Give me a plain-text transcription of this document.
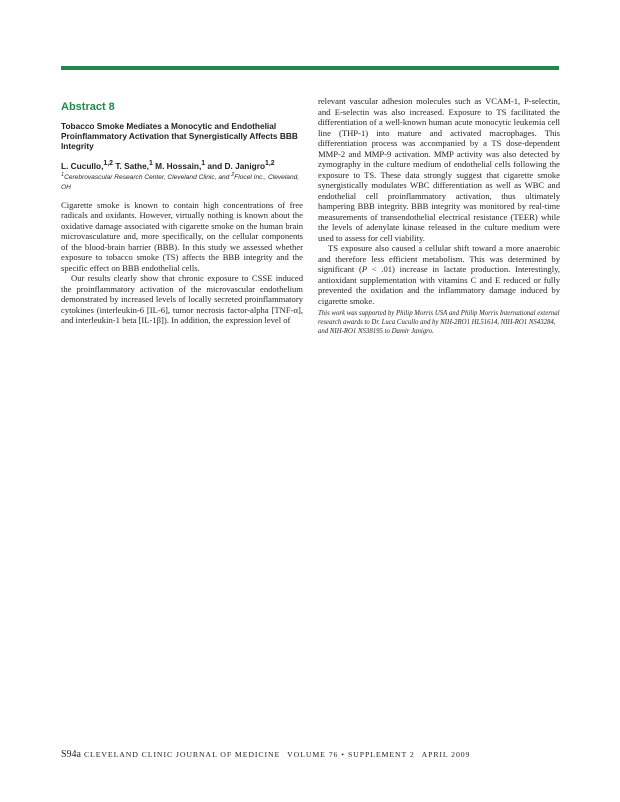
Abstract 8
Tobacco Smoke Mediates a Monocytic and Endothelial Proinflammatory Activation that Synergistically Affects BBB Integrity
L. Cucullo,$^{1,2}$ T. Sathe,$^1$ M. Hossain,$^1$ and D. Janigro$^{1,2}$
$^1$Cerebrovascular Research Center, Cleveland Clinic, and $^2$Flocel Inc., Cleveland, OH

Cigarette smoke is known to contain high concentrations of free radicals and oxidants. However, virtually nothing is known about the oxidative damage associated with cigarette smoke on the human brain microvasculature and, more specifically, on the cellular components of the blood-brain barrier (BBB). In this study we assessed whether exposure to tobacco smoke (TS) affects the BBB integrity and the specific effect on BBB endothelial cells.

Our results clearly show that chronic exposure to CSSE induced the proinflammatory activation of the microvascular endothelium demonstrated by increased levels of locally secreted proinflammatory cytokines (interleukin-6 [IL-6], tumor necrosis factor-alpha [TNF-α], and interleukin-1 beta [IL-1β]). In addition, the expression level of

relevant vascular adhesion molecules such as VCAM-1, P-selectin, and E-selectin was also increased. Exposure to TS facilitated the differentiation of a well-known human acute monocytic leukemia cell line (THP-1) into mature and activated macrophages. This differentiation process was accompanied by a TS dose-dependent MMP-2 and MMP-9 activation. MMP activity was also detected by zymography in the culture medium of endothelial cells following the exposure to TS. These data strongly suggest that cigarette smoke synergistically modulates WBC differentiation as well as WBC and endothelial cell proinflammatory activation, thus ultimately hampering BBB integrity. BBB integrity was monitored by real-time measurements of transendothelial electrical resistance (TEER) while the levels of adenylate kinase released in the culture medium were used to assess for cell viability.

TS exposure also caused a cellular shift toward a more anaerobic and therefore less efficient metabolism. This was determined by significant (P < .01) increase in lactate production. Interestingly, antioxidant supplementation with vitamins C and E reduced or fully prevented the oxidation and the inflammatory damage induced by cigarette smoke.

This work was supported by Philip Morris USA and Philip Morris International external research awards to Dr. Luca Cucullo and by NIH-2RO1 HL51614, NIH-RO1 NS43284, and NIH-RO1 NS38195 to Damir Janigro.
S94a CLEVELAND CLINIC JOURNAL OF MEDICINE VOLUME 76 • SUPPLEMENT 2 APRIL 2009
